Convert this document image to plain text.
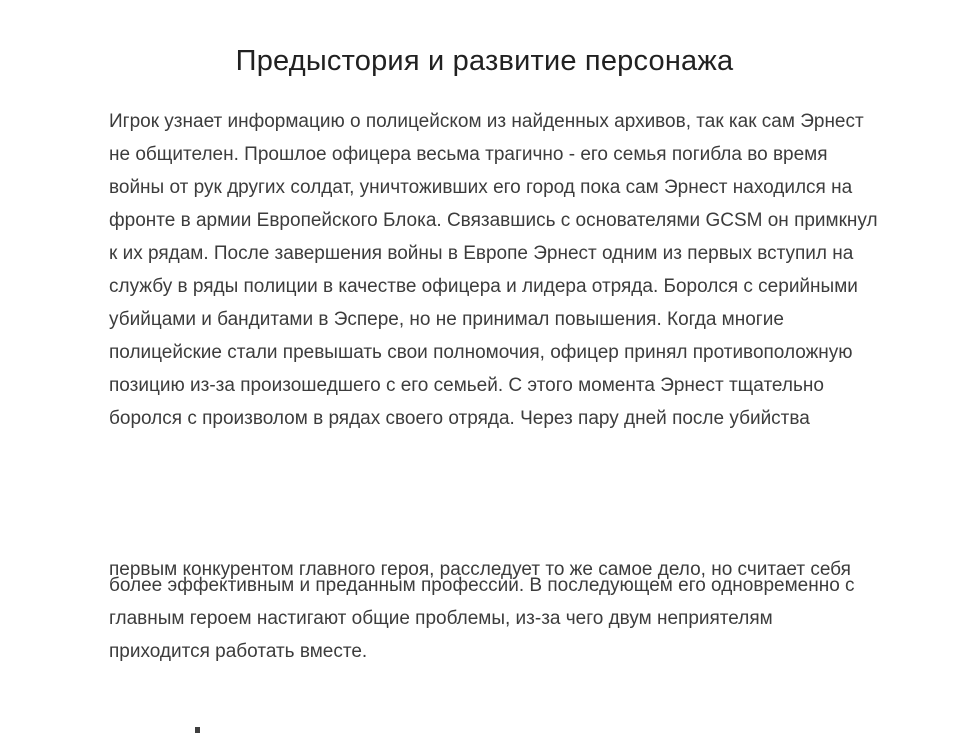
Предыстория и развитие персонажа
Игрок узнает информацию о полицейском из найденных архивов, так как сам Эрнест
не общителен. Прошлое офицера весьма трагично - его семья погибла во время
войны от рук других солдат, уничтоживших его город пока сам Эрнест находился на
фронте в армии Европейского Блока. Связавшись с основателями GCSM он примкнул
к их рядам. После завершения войны в Европе Эрнест одним из первых вступил на
службу в ряды полиции в качестве офицера и лидера отряда. Боролся с серийными
убийцами и бандитами в Эспере, но не принимал повышения. Когда многие
полицейские стали превышать свои полномочия, офицер принял противоположную
позицию из-за произошедшего с его семьей. С этого момента Эрнест тщательно
боролся с произволом в рядах своего отряда. Через пару дней после убийства
первым конкурентом главного героя, расследует то же самое дело, но считает себя
более эффективным и преданным профессии. В последующем его одновременно с
главным героем настигают общие проблемы, из-за чего двум неприятелям
приходится работать вместе.
